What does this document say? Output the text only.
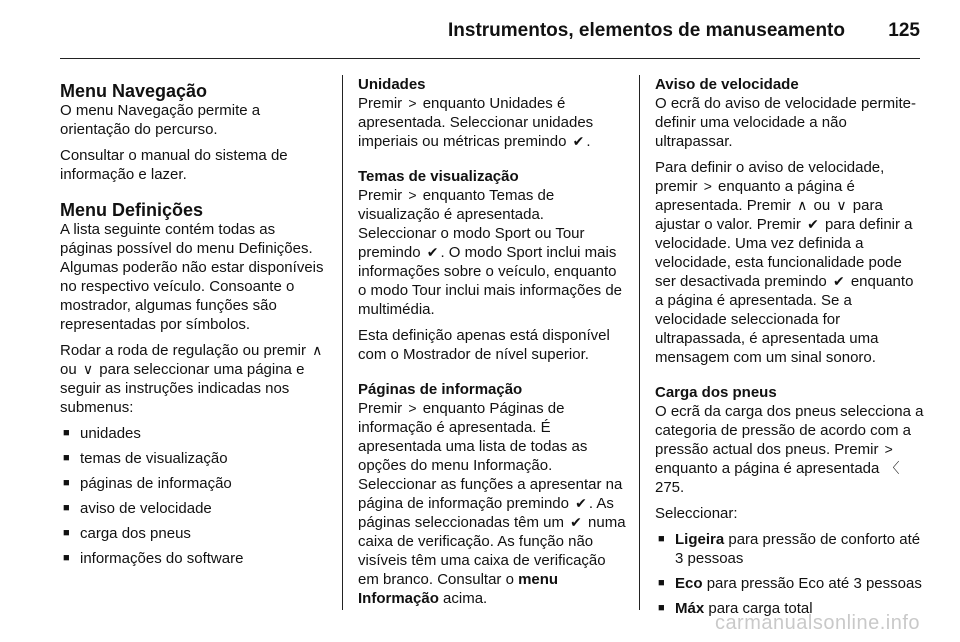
Instrumentos, elementos de manuseamento 125
Menu Navegação

O menu Navegação permite a orientação do percurso.

Consultar o manual do sistema de informação e lazer.

Menu Definições

A lista seguinte contém todas as páginas possível do menu Definições. Algumas poderão não estar disponíveis no respectivo veículo. Consoante o mostrador, algumas funções são representadas por símbolos.

Rodar a roda de regulação ou premir ∧ ou ∨ para seleccionar uma página e seguir as instruções indicadas nos submenus:

■ unidades
■ temas de visualização
■ páginas de informação
■ aviso de velocidade
■ carga dos pneus
■ informações do software
Unidades

Premir > enquanto Unidades é apresentada. Seleccionar unidades imperiais ou métricas premindo ✔ .

Temas de visualização

Premir > enquanto Temas de visualização é apresentada. Seleccionar o modo Sport ou Tour premindo ✔ . O modo Sport inclui mais informações sobre o veículo, enquanto o modo Tour inclui mais informações de multimédia.

Esta definição apenas está disponível com o Mostrador de nível superior.

Páginas de informação

Premir > enquanto Páginas de informação é apresentada. É apresentada uma lista de todas as opções do menu Informação. Seleccionar as funções a apresentar na página de informação premindo ✔ . As páginas seleccionadas têm um ✔ numa caixa de verificação. As função não visíveis têm uma caixa de verificação em branco. Consultar o menu Informação acima.

Aviso de velocidade

O ecrã do aviso de velocidade permite- definir uma velocidade a não ultrapassar.

Para definir o aviso de velocidade, premir > enquanto a página é apresentada. Premir ∧ ou ∨ para ajustar o valor. Premir ✔ para definir a velocidade. Uma vez definida a velocidade, esta funcionalidade pode ser desactivada premindo ✔ enquanto a página é apresentada. Se a velocidade seleccionada for ultrapassada, é apresentada uma mensagem com um sinal sonoro.

Carga dos pneus

O ecrã da carga dos pneus selecciona a categoria de pressão de acordo com a pressão actual dos pneus. Premir > enquanto a página é apresentada 〈 275.

Seleccionar:

■ Ligeira para pressão de conforto até 3 pessoas
■ Eco para pressão Eco até 3 pessoas
■ Máx para carga total
carmanualsonline.info
